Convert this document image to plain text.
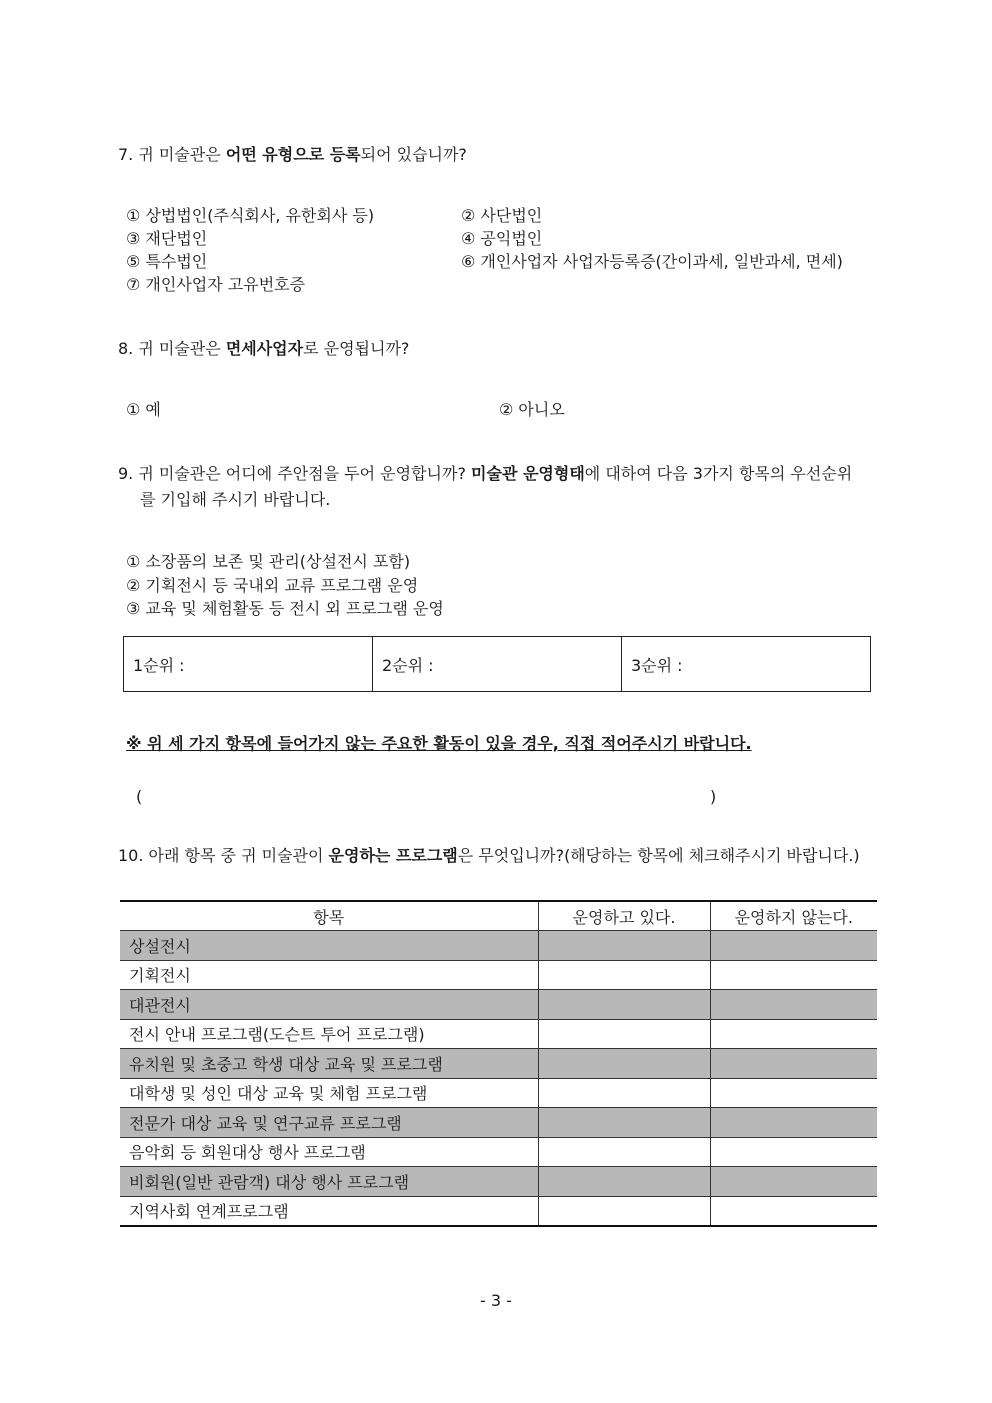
7. 귀 미술관은 어떤 유형으로 등록되어 있습니까?
① 상법법인(주식회사, 유한회사 등)	② 사단법인
③ 재단법인	④ 공익법인
⑤ 특수법인	⑥ 개인사업자 사업자등록증(간이과세, 일반과세, 면세)
⑦ 개인사업자 고유번호증
8. 귀 미술관은 면세사업자로 운영됩니까?
① 예	② 아니오
9. 귀 미술관은 어디에 주안점을 두어 운영합니까? 미술관 운영형태에 대하여 다음 3가지 항목의 우선순위
를 기입해 주시기 바랍니다.
① 소장품의 보존 및 관리(상설전시 포함)
② 기획전시 등 국내외 교류 프로그램 운영
③ 교육 및 체험활동 등 전시 외 프로그램 운영
1순위 :	2순위 :	3순위 :
※ 위 세 가지 항목에 들어가지 않는 주요한 활동이 있을 경우, 직접 적어주시기 바랍니다.
(	)
10. 아래 항목 중 귀 미술관이 운영하는 프로그램은 무엇입니까?(해당하는 항목에 체크해주시기 바랍니다.)
항목	운영하고 있다.	운영하지 않는다.
상설전시		
기획전시		
대관전시		
전시 안내 프로그램(도슨트 투어 프로그램)		
유치원 및 초중고 학생 대상 교육 및 프로그램		
대학생 및 성인 대상 교육 및 체험 프로그램		
전문가 대상 교육 및 연구교류 프로그램		
음악회 등 회원대상 행사 프로그램		
비회원(일반 관람객) 대상 행사 프로그램		
지역사회 연계프로그램		
- 3 -
